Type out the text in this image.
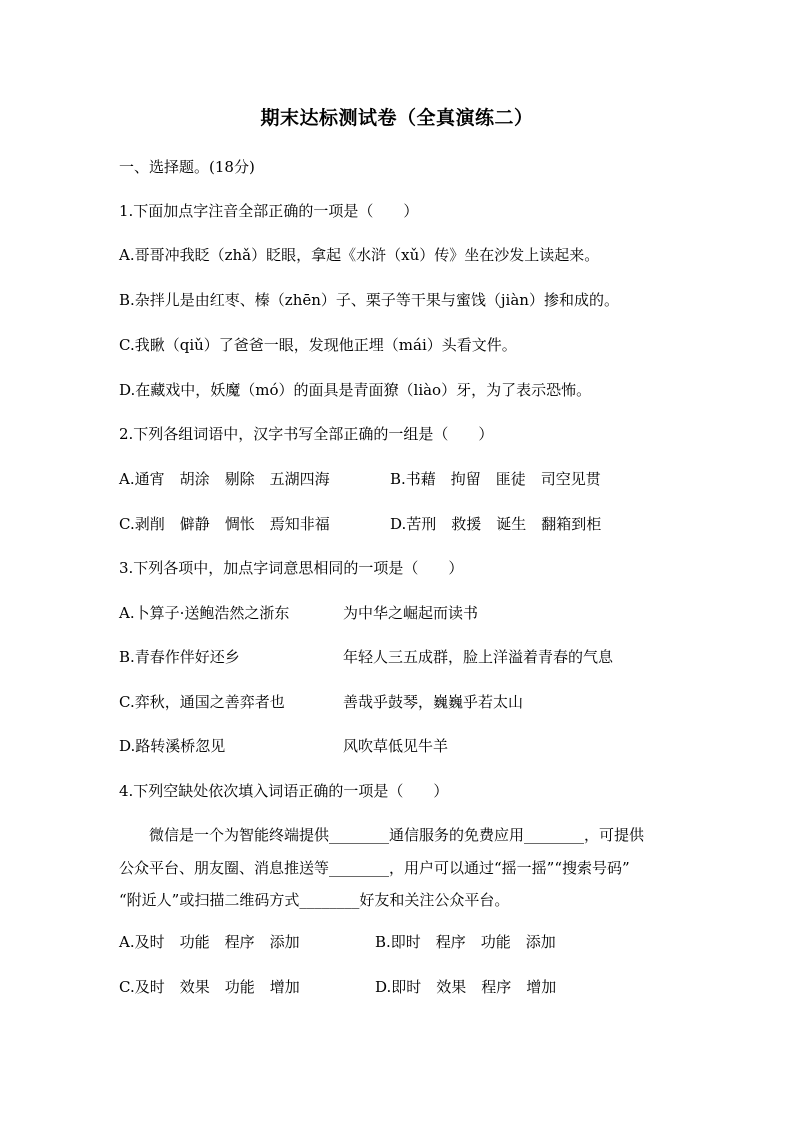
期末达标测试卷（全真演练二）
一、选择题。(18分)
1.下面加点字注音全部正确的一项是（　　）
A.哥哥冲我眨（zhǎ）眨眼，拿起《水浒（xǔ）传》坐在沙发上读起来。
B.杂拌儿是由红枣、榛（zhēn）子、栗子等干果与蜜饯（jiàn）掺和成的。
C.我瞅（qiǔ）了爸爸一眼，发现他正埋（mái）头看文件。
D.在藏戏中，妖魔（mó）的面具是青面獠（liào）牙，为了表示恐怖。
2.下列各组词语中，汉字书写全部正确的一组是（　　）
A.通宵　胡涂　剔除　五湖四海	B.书藉　拘留　匪徒　司空见贯
C.剥削　僻静　惆怅　焉知非福	D.苦刑　救援　诞生　翻箱到柜
3.下列各项中，加点字词意思相同的一项是（　　）
A.卜算子·送鲍浩然之浙东	为中华之崛起而读书
B.青春作伴好还乡	年轻人三五成群，脸上洋溢着青春的气息
C.弈秋，通国之善弈者也	善哉乎鼓琴，巍巍乎若太山
D.路转溪桥忽见	风吹草低见牛羊
4.下列空缺处依次填入词语正确的一项是（　　）
　　微信是一个为智能终端提供________通信服务的免费应用________，可提供
公众平台、朋友圈、消息推送等________，用户可以通过“摇一摇”“搜索号码”
“附近人”或扫描二维码方式________好友和关注公众平台。
A.及时　功能　程序　添加	B.即时　程序　功能　添加
C.及时　效果　功能　增加	D.即时　效果　程序　增加
